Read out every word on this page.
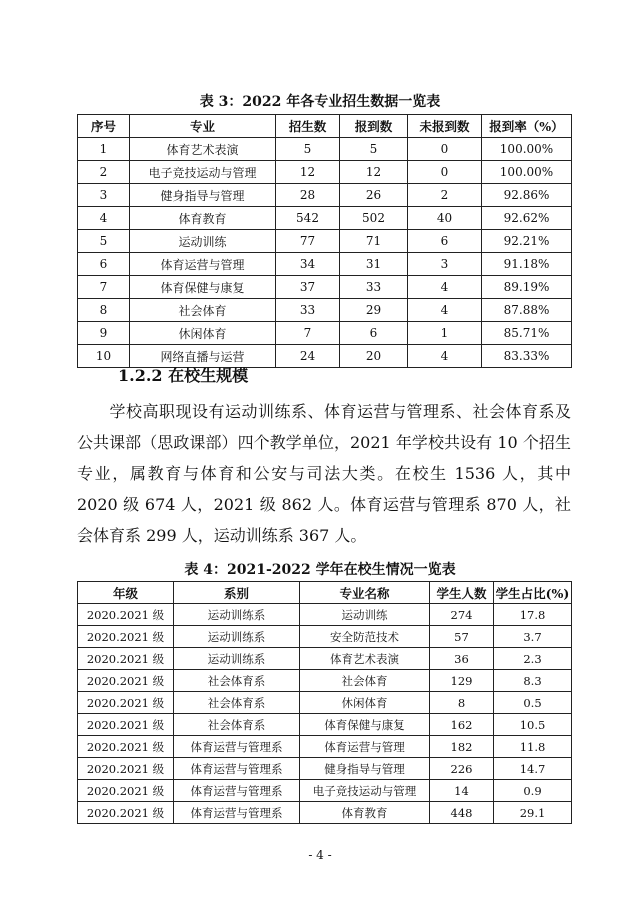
表 3：2022 年各专业招生数据一览表
序号	专业	招生数	报到数	未报到数	报到率（%）
1	体育艺术表演	5	5	0	100.00%
2	电子竞技运动与管理	12	12	0	100.00%
3	健身指导与管理	28	26	2	92.86%
4	体育教育	542	502	40	92.62%
5	运动训练	77	71	6	92.21%
6	体育运营与管理	34	31	3	91.18%
7	体育保健与康复	37	33	4	89.19%
8	社会体育	33	29	4	87.88%
9	休闲体育	7	6	1	85.71%
10	网络直播与运营	24	20	4	83.33%
1.2.2 在校生规模
学校高职现设有运动训练系、体育运营与管理系、社会体育系及公共课部（思政课部）四个教学单位，2021 年学校共设有 10 个招生专业，属教育与体育和公安与司法大类。在校生 1536 人，其中 2020 级 674 人，2021 级 862 人。体育运营与管理系 870 人，社会体育系 299 人，运动训练系 367 人。
表 4：2021-2022 学年在校生情况一览表
年级	系别	专业名称	学生人数	学生占比(%)
2020.2021 级	运动训练系	运动训练	274	17.8
2020.2021 级	运动训练系	安全防范技术	57	3.7
2020.2021 级	运动训练系	体育艺术表演	36	2.3
2020.2021 级	社会体育系	社会体育	129	8.3
2020.2021 级	社会体育系	休闲体育	8	0.5
2020.2021 级	社会体育系	体育保健与康复	162	10.5
2020.2021 级	体育运营与管理系	体育运营与管理	182	11.8
2020.2021 级	体育运营与管理系	健身指导与管理	226	14.7
2020.2021 级	体育运营与管理系	电子竞技运动与管理	14	0.9
2020.2021 级	体育运营与管理系	体育教育	448	29.1
- 4 -
